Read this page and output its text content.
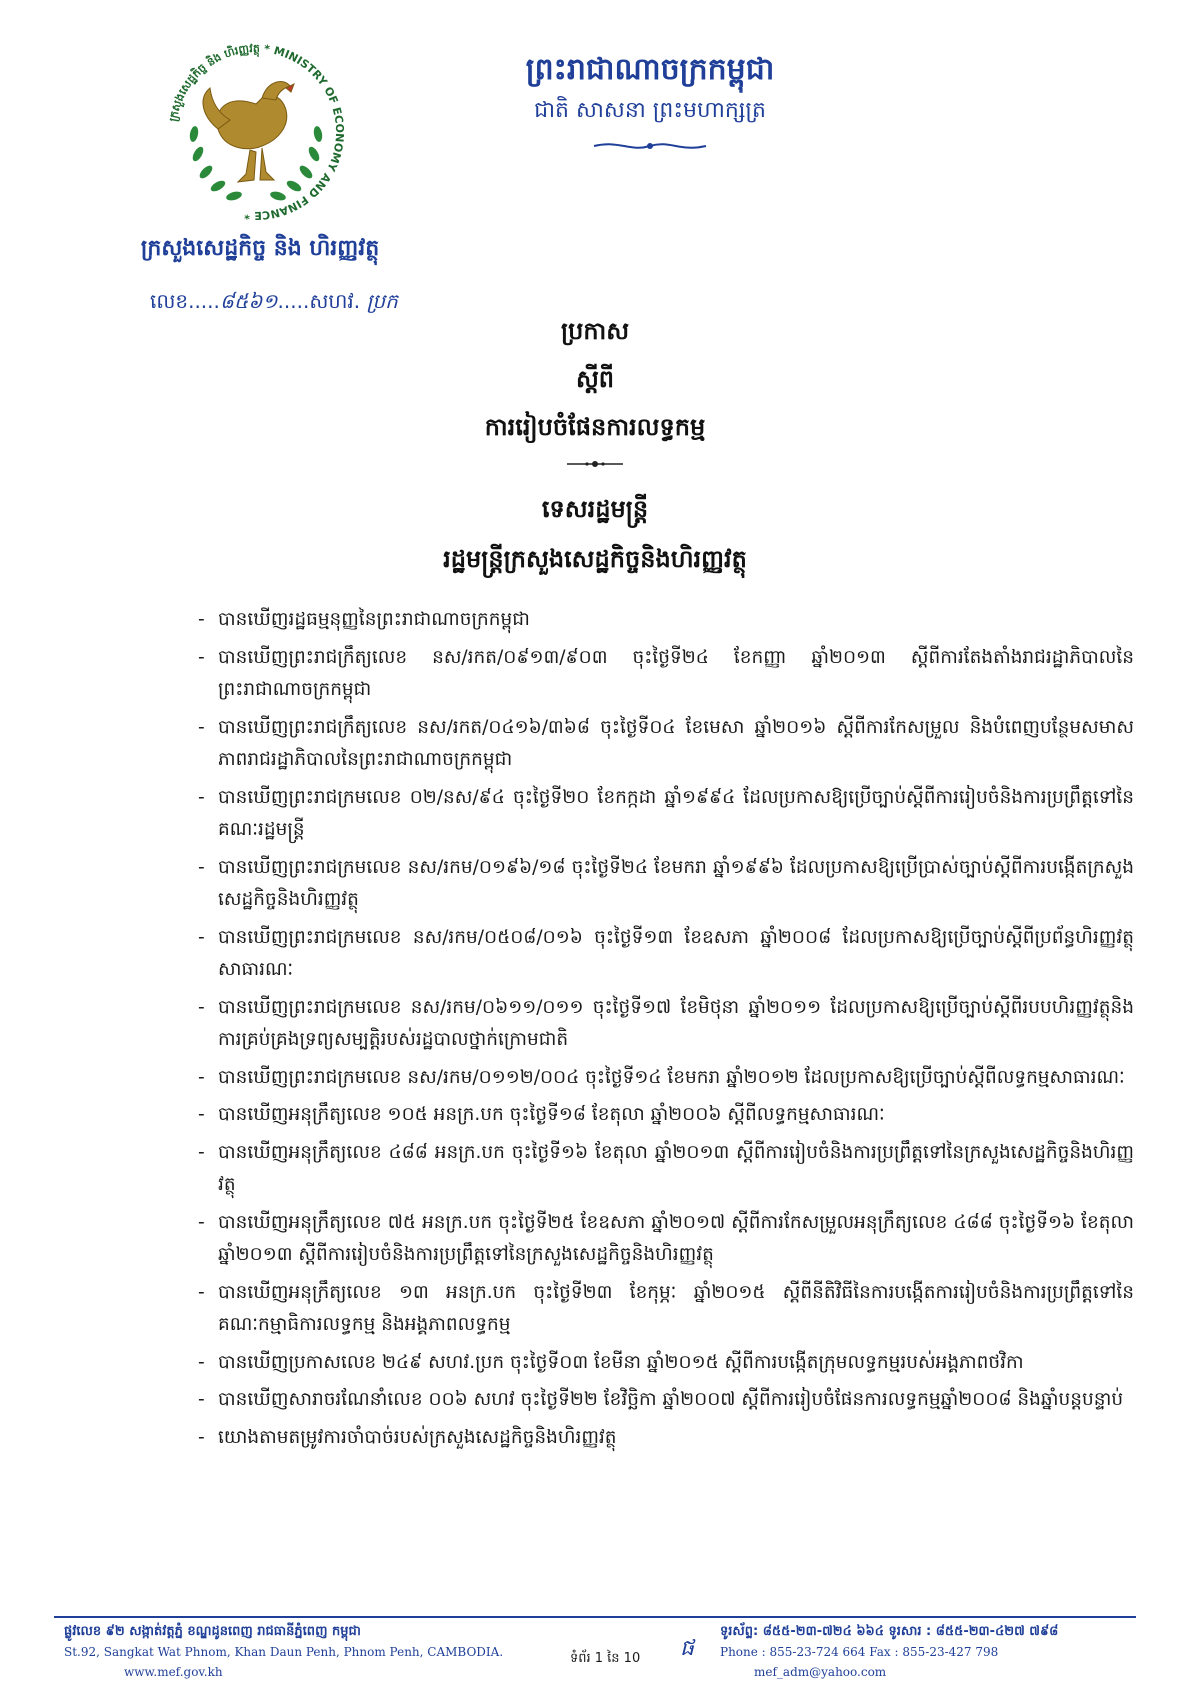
ក្រសួងសេដ្ឋកិច្ច និង ហិរញ្ញវត្ថុ * MINISTRY OF ECONOMY AND FINANCE *
ក្រសួងសេដ្ឋកិច្ច និង ហិរញ្ញវត្ថុ
លេខ.....៨៥៦១.....សហវ. ប្រក
ព្រះរាជាណាចក្រកម្ពុជា
ជាតិ សាសនា ព្រះមហាក្សត្រ
ប្រកាស
ស្តីពី
ការរៀបចំផែនការលទ្ធកម្ម
ទេសរដ្ឋមន្ត្រី
រដ្ឋមន្ត្រីក្រសួងសេដ្ឋកិច្ចនិងហិរញ្ញវត្ថុ
- បានឃើញរដ្ឋធម្មនុញ្ញនៃព្រះរាជាណាចក្រកម្ពុជា
- បានឃើញព្រះរាជក្រឹត្យលេខ នស/រកត/០៩១៣/៩០៣ ចុះថ្ងៃទី២៤ ខែកញ្ញា ឆ្នាំ២០១៣ ស្តីពីការតែងតាំងរាជរដ្ឋាភិបាលនៃព្រះរាជាណាចក្រកម្ពុជា
- បានឃើញព្រះរាជក្រឹត្យលេខ នស/រកត/០៤១៦/៣៦៨ ចុះថ្ងៃទី០៤ ខែមេសា ឆ្នាំ២០១៦ ស្តីពីការកែសម្រួល និងបំពេញបន្ថែមសមាសភាពរាជរដ្ឋាភិបាលនៃព្រះរាជាណាចក្រកម្ពុជា
- បានឃើញព្រះរាជក្រមលេខ ០២/នស/៩៤ ចុះថ្ងៃទី២០ ខែកក្កដា ឆ្នាំ១៩៩៤ ដែលប្រកាសឱ្យប្រើច្បាប់ស្តីពីការរៀបចំនិងការប្រព្រឹត្តទៅនៃគណៈរដ្ឋមន្ត្រី
- បានឃើញព្រះរាជក្រមលេខ នស/រកម/០១៩៦/១៨ ចុះថ្ងៃទី២៤ ខែមករា ឆ្នាំ១៩៩៦ ដែលប្រកាសឱ្យប្រើប្រាស់ច្បាប់ស្តីពីការបង្កើតក្រសួងសេដ្ឋកិច្ចនិងហិរញ្ញវត្ថុ
- បានឃើញព្រះរាជក្រមលេខ នស/រកម/០៥០៨/០១៦ ចុះថ្ងៃទី១៣ ខែឧសភា ឆ្នាំ២០០៨ ដែលប្រកាសឱ្យប្រើច្បាប់ស្តីពីប្រព័ន្ធហិរញ្ញវត្ថុសាធារណៈ
- បានឃើញព្រះរាជក្រមលេខ នស/រកម/០៦១១/០១១ ចុះថ្ងៃទី១៧ ខែមិថុនា ឆ្នាំ២០១១ ដែលប្រកាសឱ្យប្រើច្បាប់ស្តីពីរបបហិរញ្ញវត្ថុនិងការគ្រប់គ្រងទ្រព្យសម្បត្តិរបស់រដ្ឋបាលថ្នាក់ក្រោមជាតិ
- បានឃើញព្រះរាជក្រមលេខ នស/រកម/០១១២/០០៤ ចុះថ្ងៃទី១៤ ខែមករា ឆ្នាំ២០១២ ដែលប្រកាសឱ្យប្រើច្បាប់ស្តីពីលទ្ធកម្មសាធារណៈ
- បានឃើញអនុក្រឹត្យលេខ ១០៥ អនក្រ.បក ចុះថ្ងៃទី១៨ ខែតុលា ឆ្នាំ២០០៦ ស្តីពីលទ្ធកម្មសាធារណៈ
- បានឃើញអនុក្រឹត្យលេខ ៤៨៨ អនក្រ.បក ចុះថ្ងៃទី១៦ ខែតុលា ឆ្នាំ២០១៣ ស្តីពីការរៀបចំនិងការប្រព្រឹត្តទៅនៃក្រសួងសេដ្ឋកិច្ចនិងហិរញ្ញវត្ថុ
- បានឃើញអនុក្រឹត្យលេខ ៧៥ អនក្រ.បក ចុះថ្ងៃទី២៥ ខែឧសភា ឆ្នាំ២០១៧ ស្តីពីការកែសម្រួលអនុក្រឹត្យលេខ ៤៨៨ ចុះថ្ងៃទី១៦ ខែតុលា ឆ្នាំ២០១៣ ស្តីពីការរៀបចំនិងការប្រព្រឹត្តទៅនៃក្រសួងសេដ្ឋកិច្ចនិងហិរញ្ញវត្ថុ
- បានឃើញអនុក្រឹត្យលេខ ១៣ អនក្រ.បក ចុះថ្ងៃទី២៣ ខែកុម្ភៈ ឆ្នាំ២០១៥ ស្តីពីនីតិវិធីនៃការបង្កើតការរៀបចំនិងការប្រព្រឹត្តទៅនៃគណៈកម្មាធិការលទ្ធកម្ម និងអង្គភាពលទ្ធកម្ម
- បានឃើញប្រកាសលេខ ២៤៩ សហវ.ប្រក ចុះថ្ងៃទី០៣ ខែមីនា ឆ្នាំ២០១៥ ស្តីពីការបង្កើតក្រុមលទ្ធកម្មរបស់អង្គភាពថវិកា
- បានឃើញសារាចរណែនាំលេខ ០០៦ សហវ ចុះថ្ងៃទី២២ ខែវិច្ឆិកា ឆ្នាំ២០០៧ ស្តីពីការរៀបចំផែនការលទ្ធកម្មឆ្នាំ២០០៨ និងឆ្នាំបន្តបន្ទាប់
- យោងតាមតម្រូវការចាំបាច់របស់ក្រសួងសេដ្ឋកិច្ចនិងហិរញ្ញវត្ថុ
ផ្លូវលេខ ៩២ សង្កាត់វត្តភ្នំ ខណ្ឌដូនពេញ រាជធានីភ្នំពេញ កម្ពុជា
St.92, Sangkat Wat Phnom, Khan Daun Penh, Phnom Penh, CAMBODIA.
www.mef.gov.kh
ទំព័រ 1 នៃ 10 ផ
ទូរស័ព្ទ: ៨៥៥-២៣-៧២៤ ៦៦៤ ទូរសារ : ៨៥៥-២៣-៤២៧ ៧៩៨
Phone : 855-23-724 664 Fax : 855-23-427 798
mef_adm@yahoo.com
